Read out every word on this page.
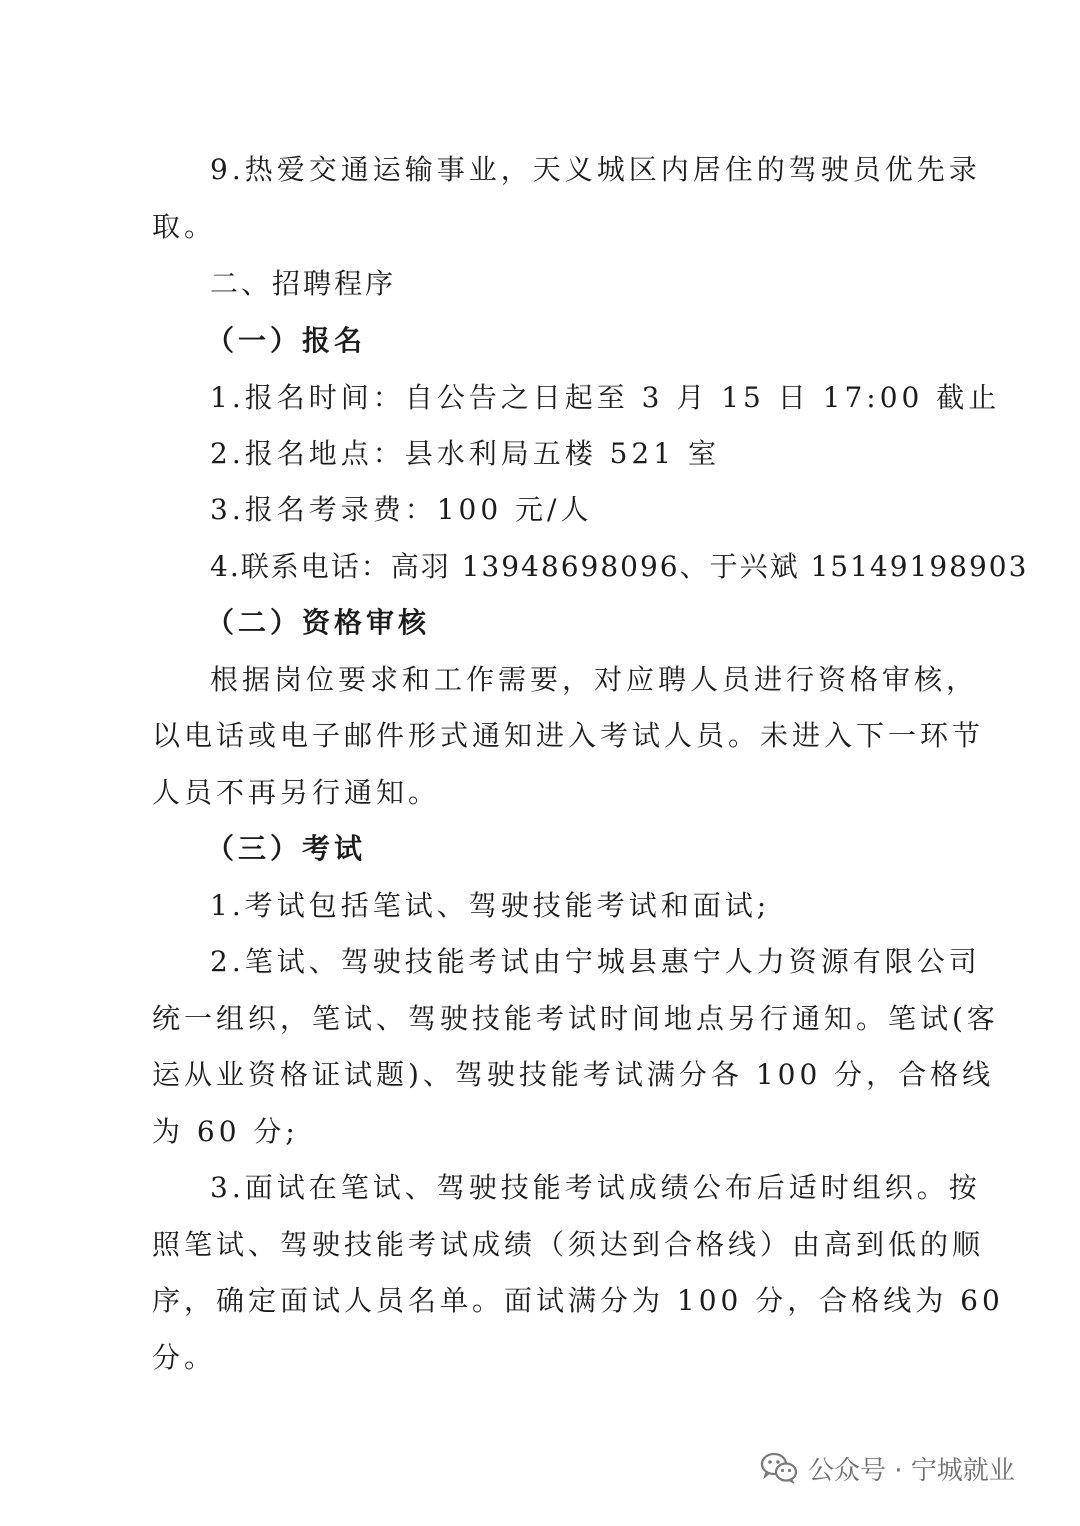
9.热爱交通运输事业，天义城区内居住的驾驶员优先录
取。
二、招聘程序
（一）报名
1.报名时间：自公告之日起至 3 月 15 日 17:00 截止
2.报名地点：县水利局五楼 521 室
3.报名考录费：100 元/人
4.联系电话：高羽 13948698096、于兴斌 15149198903
（二）资格审核
根据岗位要求和工作需要，对应聘人员进行资格审核，
以电话或电子邮件形式通知进入考试人员。未进入下一环节
人员不再另行通知。
（三）考试
1.考试包括笔试、驾驶技能考试和面试;
2.笔试、驾驶技能考试由宁城县惠宁人力资源有限公司
统一组织，笔试、驾驶技能考试时间地点另行通知。笔试(客
运从业资格证试题)、驾驶技能考试满分各 100 分，合格线
为 60 分;
3.面试在笔试、驾驶技能考试成绩公布后适时组织。按
照笔试、驾驶技能考试成绩（须达到合格线）由高到低的顺
序，确定面试人员名单。面试满分为 100 分，合格线为 60
分。
公众号 · 宁城就业
